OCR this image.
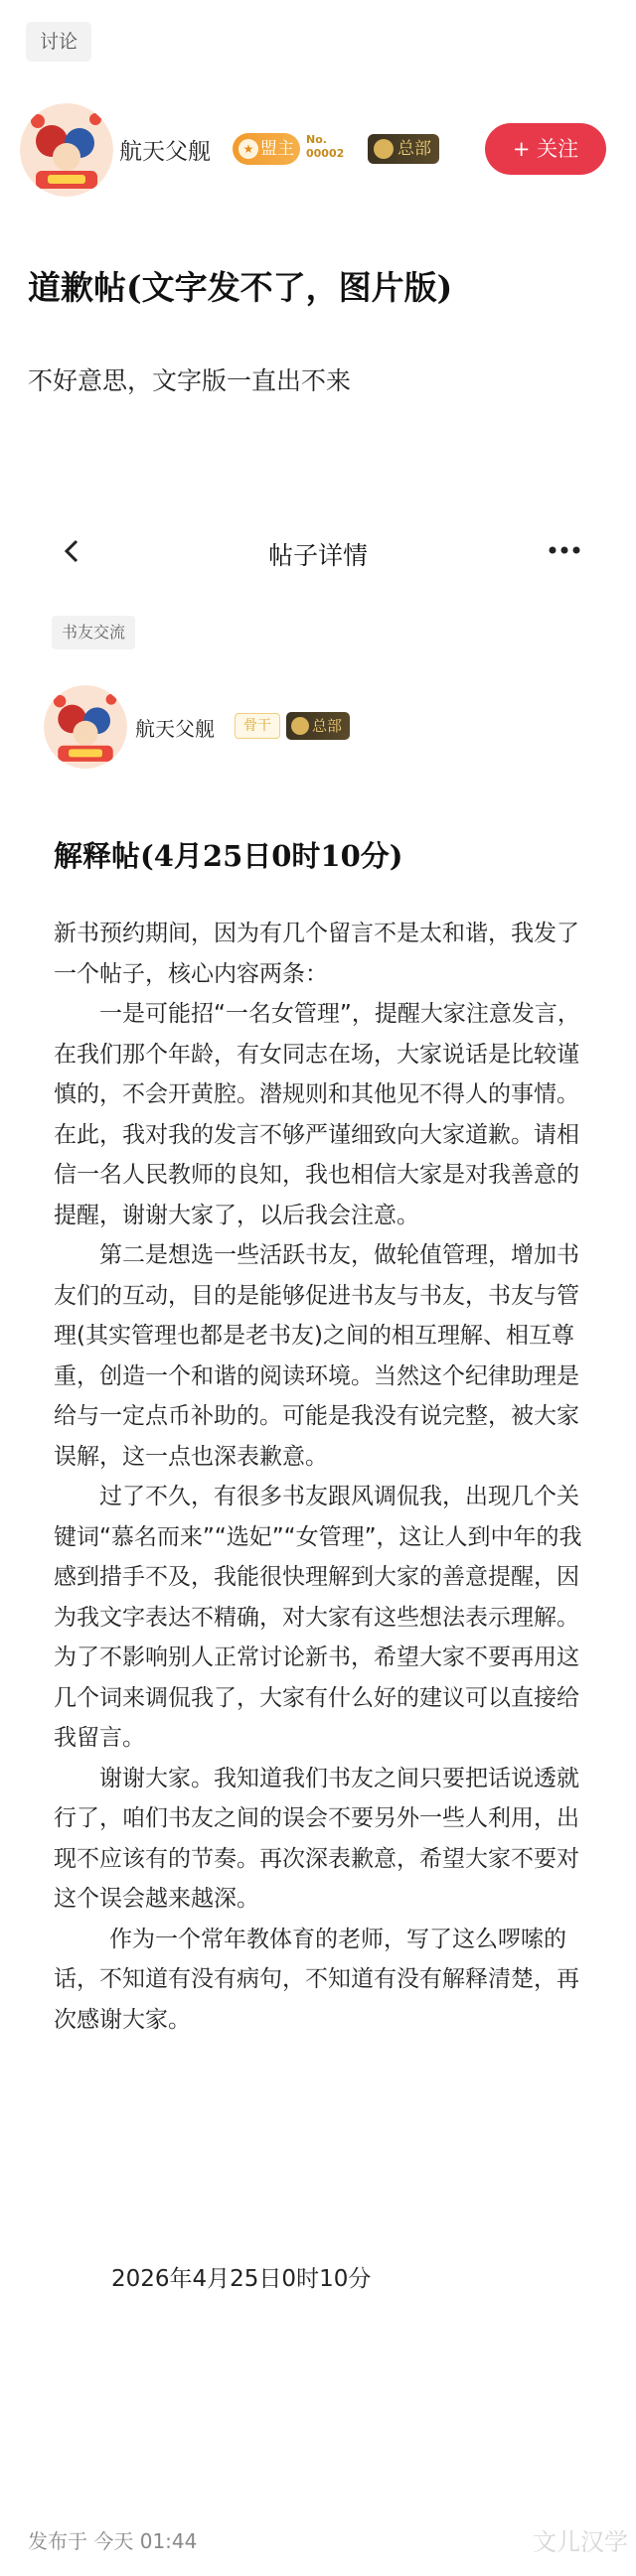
讨论
航天父舰	★ 盟主	No.
00002	总部	+ 关注
道歉帖(文字发不了，图片版)
不好意思，文字版一直出不来
帖子详情
书友交流
航天父舰	骨干	总部
解释帖(4月25日0时10分)

新书预约期间，因为有几个留言不是太和谐，我发了一个帖子，核心内容两条：

一是可能招“一名女管理”，提醒大家注意发言，在我们那个年龄，有女同志在场，大家说话是比较谨慎的，不会开黄腔。潜规则和其他见不得人的事情。在此，我对我的发言不够严谨细致向大家道歉。请相信一名人民教师的良知，我也相信大家是对我善意的提醒，谢谢大家了，以后我会注意。

第二是想选一些活跃书友，做轮值管理，增加书友们的互动，目的是能够促进书友与书友，书友与管理(其实管理也都是老书友)之间的相互理解、相互尊重，创造一个和谐的阅读环境。当然这个纪律助理是给与一定点币补助的。可能是我没有说完整，被大家误解，这一点也深表歉意。

过了不久，有很多书友跟风调侃我，出现几个关键词“慕名而来”“选妃”“女管理”，这让人到中年的我感到措手不及，我能很快理解到大家的善意提醒，因为我文字表达不精确，对大家有这些想法表示理解。为了不影响别人正常讨论新书，希望大家不要再用这几个词来调侃我了，大家有什么好的建议可以直接给我留言。

谢谢大家。我知道我们书友之间只要把话说透就行了，咱们书友之间的误会不要另外一些人利用，出现不应该有的节奏。再次深表歉意，希望大家不要对这个误会越来越深。

作为一个常年教体育的老师，写了这么啰嗦的话，不知道有没有病句，不知道有没有解释清楚，再次感谢大家。

2026年4月25日0时10分
发布于 今天 01:44	文儿汉学
